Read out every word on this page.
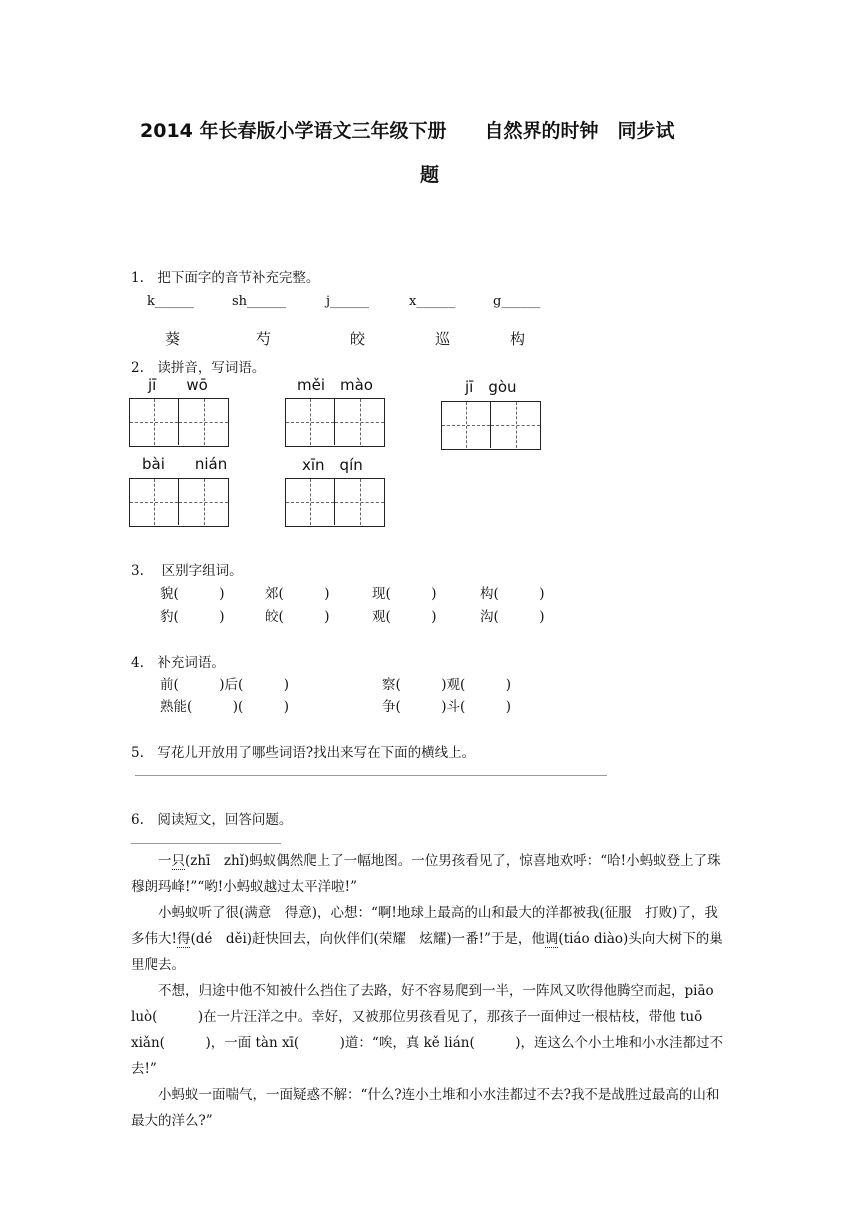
2014 年长春版小学语文三年级下册　　自然界的时钟　同步试
题
1.　把下面字的音节补充完整。
k______	sh______	j______	x______	g______
葵	芍	皎	巡	构
2.　读拼音，写词语。
jī　　wō	měi　mào	jī　gòu
bài　　nián	xīn　qín
3.　 区别字组词。
貌(　　　)	郊(　　　)	现(　　　)	构(　　　)
豹(　　　)	皎(　　　)	观(　　　)	沟(　　　)
4.　补充词语。
前(　　　)后(　　　)	察(　　　)观(　　　)
熟能(　　　)(　　　)	争(　　　)斗(　　　)
5.　写花儿开放用了哪些词语?找出来写在下面的横线上。
6.　阅读短文，回答问题。
一只(zhī　zhǐ)蚂蚁偶然爬上了一幅地图。一位男孩看见了，惊喜地欢呼：“哈!小蚂蚁登上了珠穆朗玛峰!”“哟!小蚂蚁越过太平洋啦!”
小蚂蚁听了很(满意　得意)，心想：“啊!地球上最高的山和最大的洋都被我(征服　打败)了，我多伟大!得(dé　děi)赶快回去，向伙伴们(荣耀　炫耀)一番!”于是，他调(tiáo diào)头向大树下的巢里爬去。
不想，归途中他不知被什么挡住了去路，好不容易爬到一半，一阵风又吹得他腾空而起，piāo luò(　　　)在一片汪洋之中。幸好，又被那位男孩看见了，那孩子一面伸过一根枯枝，带他 tuō xiǎn(　　　)，一面 tàn xī(　　　)道：“唉，真 kě lián(　　　)，连这么个小土堆和小水洼都过不去!”
小蚂蚁一面喘气，一面疑惑不解：“什么?连小土堆和小水洼都过不去?我不是战胜过最高的山和最大的洋么?”
